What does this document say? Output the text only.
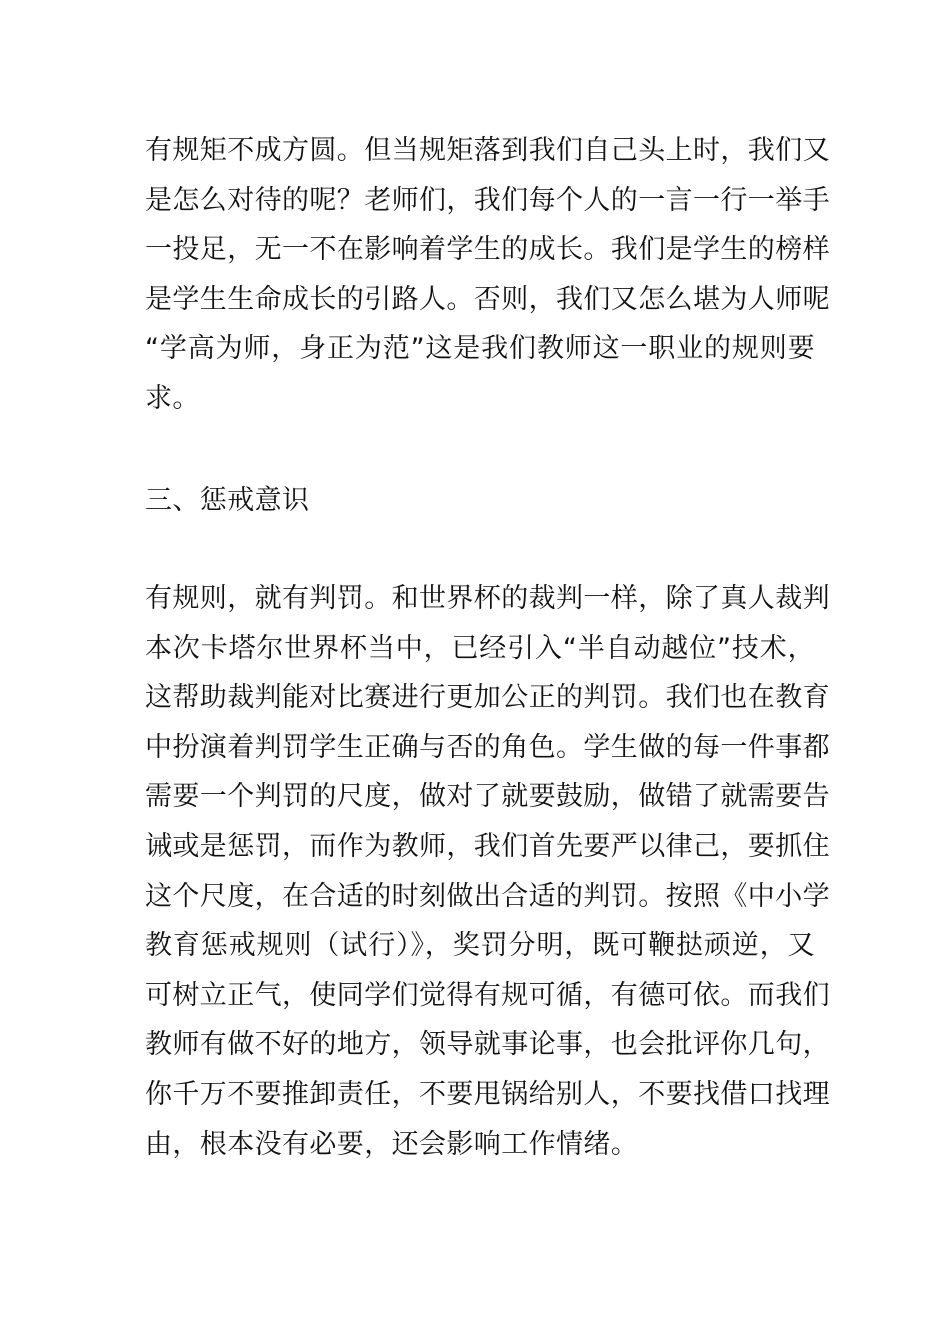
有规矩不成方圆。但当规矩落到我们自己头上时，我们又
是怎么对待的呢？老师们，我们每个人的一言一行一举手
一投足，无一不在影响着学生的成长。我们是学生的榜样
是学生生命成长的引路人。否则，我们又怎么堪为人师呢
“学高为师，身正为范”这是我们教师这一职业的规则要
求。
三、惩戒意识
有规则，就有判罚。和世界杯的裁判一样，除了真人裁判
本次卡塔尔世界杯当中，已经引入“半自动越位”技术，
这帮助裁判能对比赛进行更加公正的判罚。我们也在教育
中扮演着判罚学生正确与否的角色。学生做的每一件事都
需要一个判罚的尺度，做对了就要鼓励，做错了就需要告
诫或是惩罚，而作为教师，我们首先要严以律己，要抓住
这个尺度，在合适的时刻做出合适的判罚。按照《中小学
教育惩戒规则（试行）》，奖罚分明，既可鞭挞顽逆，又
可树立正气，使同学们觉得有规可循，有德可依。而我们
教师有做不好的地方，领导就事论事，也会批评你几句，
你千万不要推卸责任，不要甩锅给别人，不要找借口找理
由，根本没有必要，还会影响工作情绪。
